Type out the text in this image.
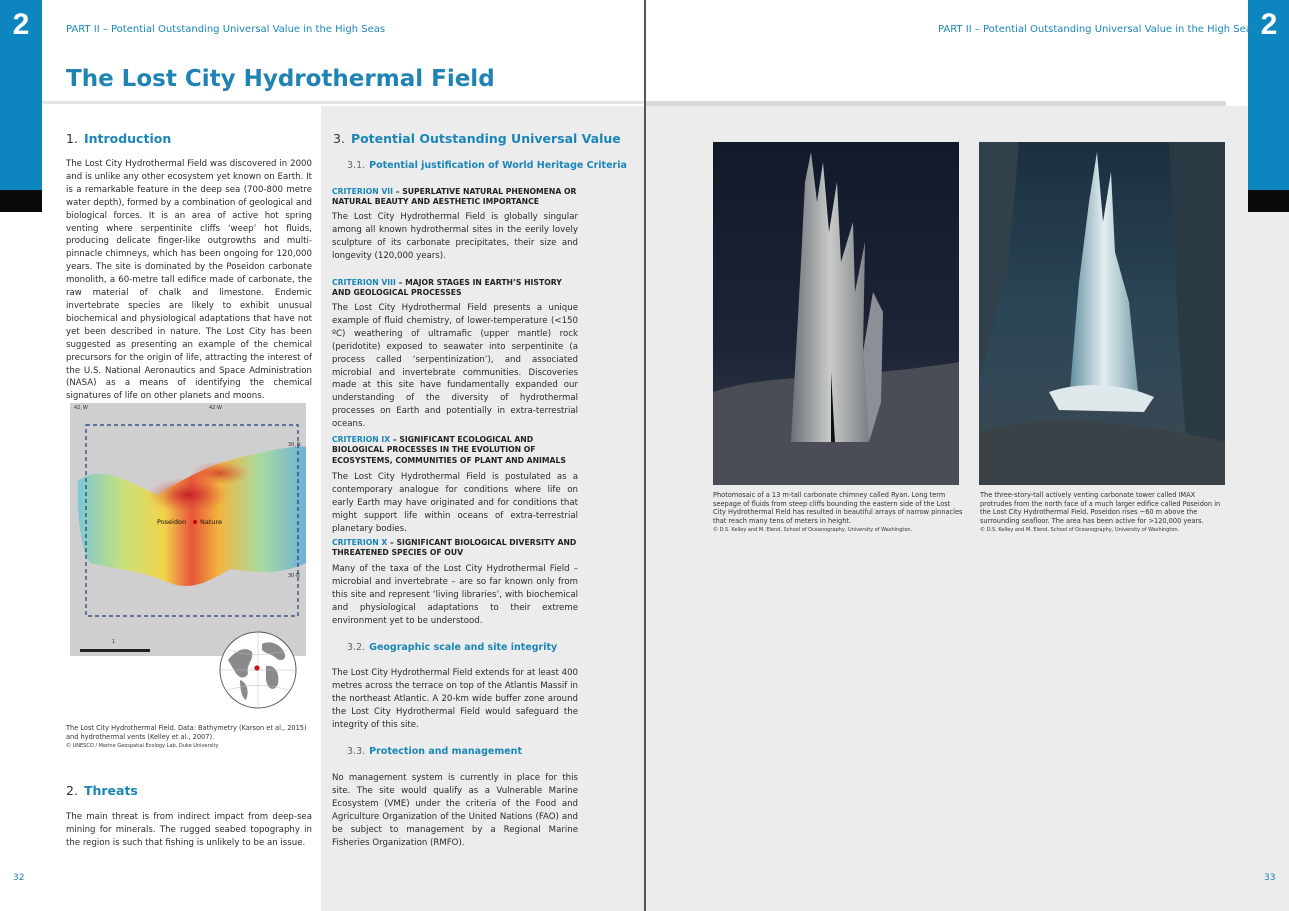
2	2
PART II – Potential Outstanding Universal Value in the High Seas	PART II – Potential Outstanding Universal Value in the High Seas
The Lost City Hydrothermal Field
1. Introduction
The Lost City Hydrothermal Field was discovered in 2000 and is unlike any other ecosystem yet known on Earth. It is a remarkable feature in the deep sea (700-800 metre water depth), formed by a combination of geological and biological forces. It is an area of active hot spring venting where serpentinite cliffs ‘weep’ hot fluids, producing delicate finger-like outgrowths and multi-pinnacle chimneys, which has been ongoing for 120,000 years. The site is dominated by the Poseidon carbonate monolith, a 60-metre tall edifice made of carbonate, the raw material of chalk and limestone. Endemic invertebrate species are likely to exhibit unusual biochemical and physiological adaptations that have not yet been described in nature. The Lost City has been suggested as presenting an example of the chemical precursors for the origin of life, attracting the interest of the U.S. National Aeronautics and Space Administration (NASA) as a means of identifying the chemical signatures of life on other planets and moons.
42¸W	42·W
30¸N
30·N
Poseidon Nature
1
The Lost City Hydrothermal Field. Data: Bathymetry (Karson et al., 2015) and hydrothermal vents (Kelley et al., 2007).
© UNESCO / Marine Geospatial Ecology Lab, Duke University
2. Threats
The main threat is from indirect impact from deep-sea mining for minerals. The rugged seabed topography in the region is such that fishing is unlikely to be an issue.
3. Potential Outstanding Universal Value
3.1. Potential justification of World Heritage Criteria
CRITERION VII – SUPERLATIVE NATURAL PHENOMENA OR NATURAL BEAUTY AND AESTHETIC IMPORTANCE
The Lost City Hydrothermal Field is globally singular among all known hydrothermal sites in the eerily lovely sculpture of its carbonate precipitates, their size and longevity (120,000 years).
CRITERION VIII – MAJOR STAGES IN EARTH’S HISTORY AND GEOLOGICAL PROCESSES
The Lost City Hydrothermal Field presents a unique example of fluid chemistry, of lower-temperature (<150 ºC) weathering of ultramafic (upper mantle) rock (peridotite) exposed to seawater into serpentinite (a process called ‘serpentinization’), and associated microbial and invertebrate communities. Discoveries made at this site have fundamentally expanded our understanding of the diversity of hydrothermal processes on Earth and potentially in extra-terrestrial oceans.
CRITERION IX – SIGNIFICANT ECOLOGICAL AND BIOLOGICAL PROCESSES IN THE EVOLUTION OF ECOSYSTEMS, COMMUNITIES OF PLANT AND ANIMALS
The Lost City Hydrothermal Field is postulated as a contemporary analogue for conditions where life on early Earth may have originated and for conditions that might support life within oceans of extra-terrestrial planetary bodies.
CRITERION X – SIGNIFICANT BIOLOGICAL DIVERSITY AND THREATENED SPECIES OF OUV
Many of the taxa of the Lost City Hydrothermal Field – microbial and invertebrate – are so far known only from this site and represent ‘living libraries’, with biochemical and physiological adaptations to their extreme environment yet to be understood.
3.2. Geographic scale and site integrity
The Lost City Hydrothermal Field extends for at least 400 metres across the terrace on top of the Atlantis Massif in the northeast Atlantic. A 20-km wide buffer zone around the Lost City Hydrothermal Field would safeguard the integrity of this site.
3.3. Protection and management
No management system is currently in place for this site. The site would qualify as a Vulnerable Marine Ecosystem (VME) under the criteria of the Food and Agriculture Organization of the United Nations (FAO) and be subject to management by a Regional Marine Fisheries Organization (RMFO).
Photomosaic of a 13 m-tall carbonate chimney called Ryan. Long term seepage of fluids from steep cliffs bounding the eastern side of the Lost City Hydrothermal Field has resulted in beautiful arrays of narrow pinnacles that reach many tens of meters in height.
© D.S. Kelley and M. Elend, School of Oceanography, University of Washington.
The three-story-tall actively venting carbonate tower called IMAX protrudes from the north face of a much larger edifice called Poseidon in the Lost City Hydrothermal Field. Poseidon rises ~60 m above the surrounding seafloor. The area has been active for >120,000 years.
© D.S. Kelley and M. Elend, School of Oceanography, University of Washington.
32	33
